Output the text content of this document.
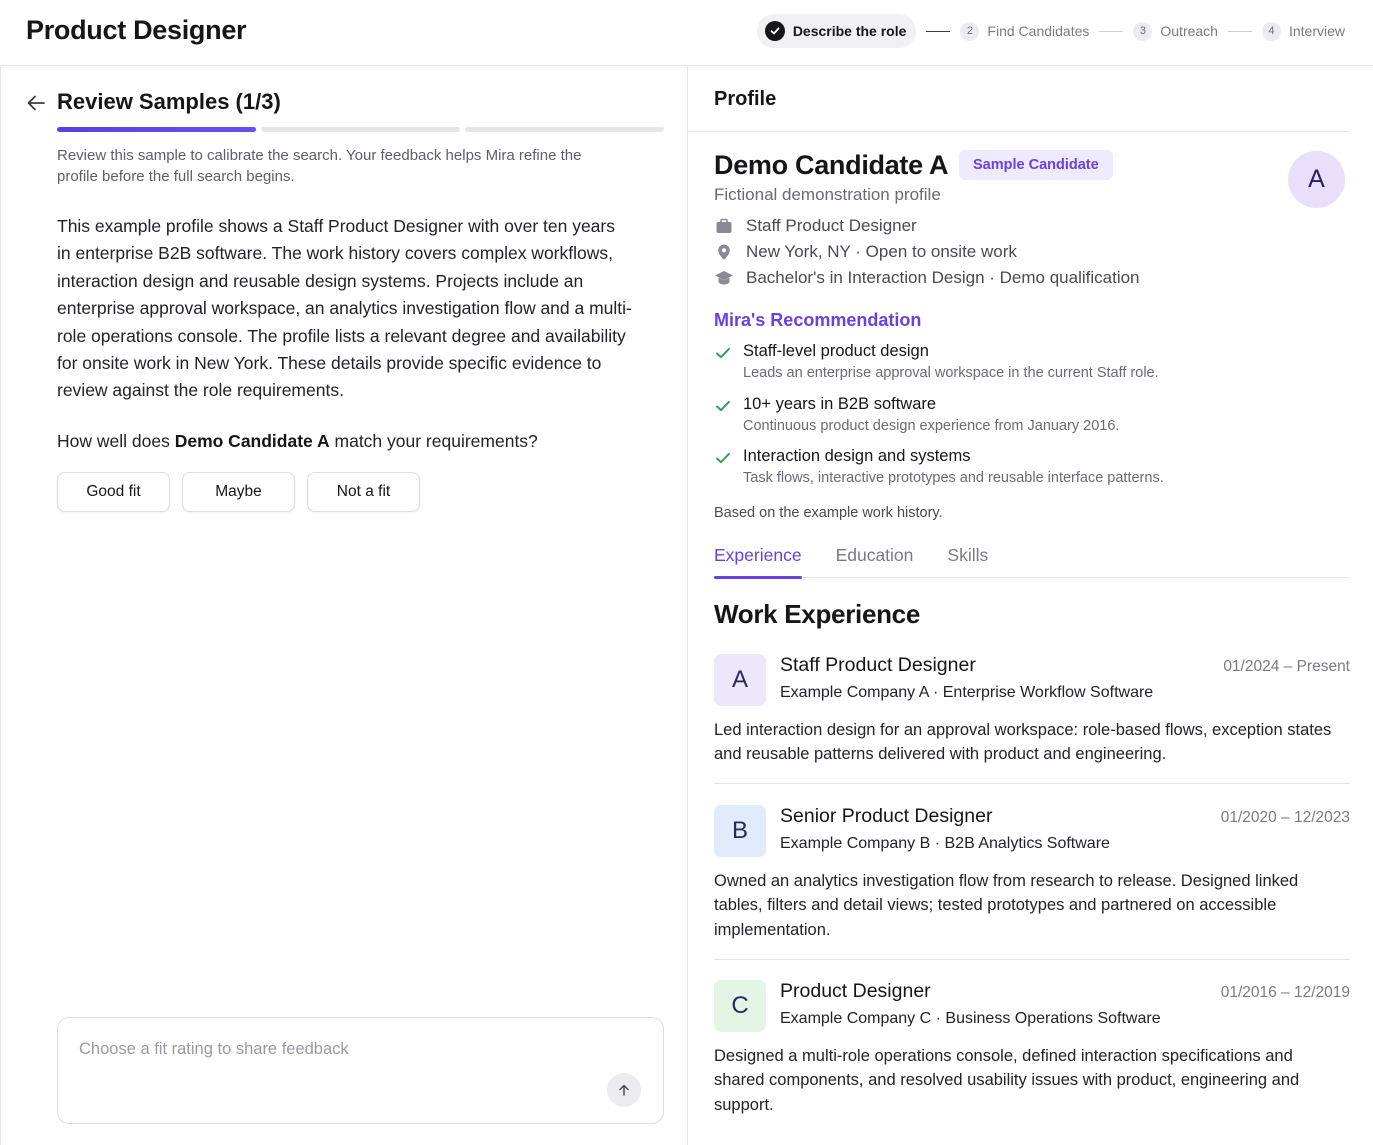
Product Designer	Describe the role	2	Find Candidates	3	Outreach	4	Interview
Review Samples (1/3)
Review this sample to calibrate the search. Your feedback helps Mira refine the profile before the full search begins.
This example profile shows a Staff Product Designer with over ten years in enterprise B2B software. The work history covers complex workflows, interaction design and reusable design systems. Projects include an enterprise approval workspace, an analytics investigation flow and a multi-role operations console. The profile lists a relevant degree and availability for onsite work in New York. These details provide specific evidence to review against the role requirements.
How well does Demo Candidate A match your requirements?
Good fit	Maybe	Not a fit
Choose a fit rating to share feedback
Profile
Demo Candidate A	Sample Candidate	A
Fictional demonstration profile
Staff Product Designer
New York, NY · Open to onsite work
Bachelor's in Interaction Design · Demo qualification
Mira's Recommendation
Staff-level product design
Leads an enterprise approval workspace in the current Staff role.
10+ years in B2B software
Continuous product design experience from January 2016.
Interaction design and systems
Task flows, interactive prototypes and reusable interface patterns.
Based on the example work history.
Experience Education Skills
Work Experience
A
Staff Product Designer
Example Company A · Enterprise Workflow Software
01/2024 – Present
Led interaction design for an approval workspace: role-based flows, exception states and reusable patterns delivered with product and engineering.
B
Senior Product Designer
Example Company B · B2B Analytics Software
01/2020 – 12/2023
Owned an analytics investigation flow from research to release. Designed linked tables, filters and detail views; tested prototypes and partnered on accessible implementation.
C
Product Designer
Example Company C · Business Operations Software
01/2016 – 12/2019
Designed a multi-role operations console, defined interaction specifications and shared components, and resolved usability issues with product, engineering and support.
